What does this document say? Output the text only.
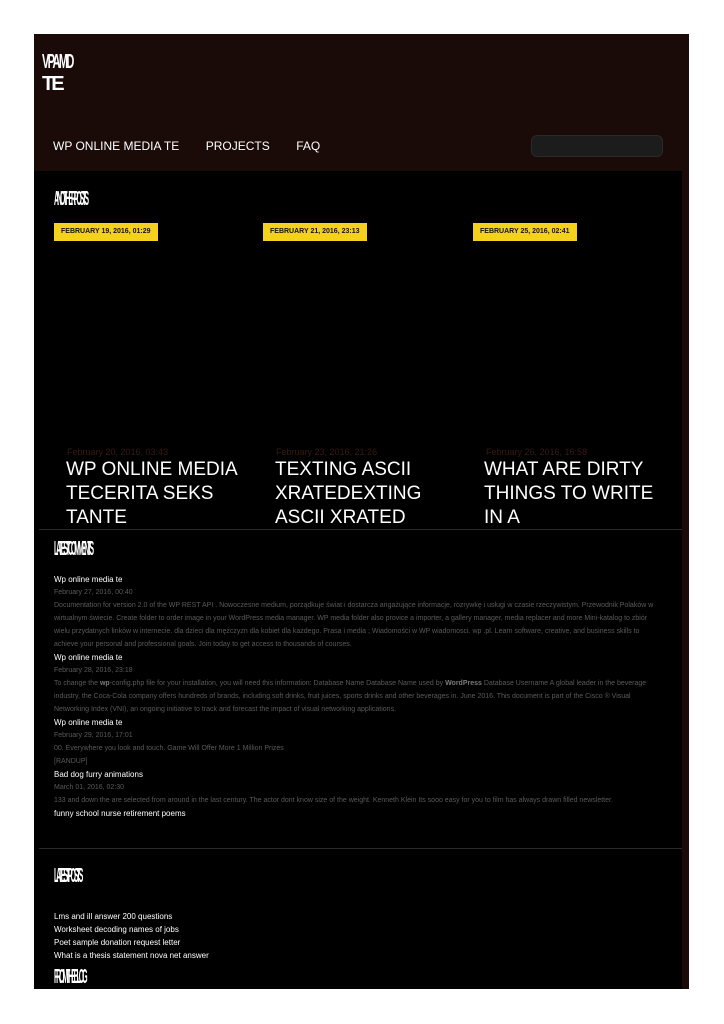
VPAMD
TE
WP ONLINE MEDIA TE PROJECTS FAQ
ANOTHER POSTS
FEBRUARY 19, 2016, 01:29	FEBRUARY 21, 2016, 23:13	FEBRUARY 25, 2016, 02:41
February 20, 2016, 03:43
WP ONLINE MEDIA TECERITA SEKS TANTE
February 23, 2016, 21:26
TEXTING ASCII XRATEDEXTING ASCII XRATED
February 26, 2016, 16:58
WHAT ARE DIRTY THINGS TO WRITE IN A
LATEST COMMENTS
Wp online media te
February 27, 2016, 00:40
Documentation for version 2.0 of the WP REST API . Nowoczesne medium, porządkuje świat i dostarcza angażujące informacje, rozrywkę i usługi w czasie rzeczywistym. Przewodnik Polaków w wirtualnym świecie. Create folder to order image in your WordPress media manager. WP media folder also provice a importer, a gallery manager, media replacer and more Mini-katalog to zbiór wielu przydatnych linków w internecie. dla dzieci dla mężczyzn dla kobiet dla każdego. Prasa i media ; Wiadomości w WP wiadomosci. wp .pl. Learn software, creative, and business skills to achieve your personal and professional goals. Join today to get access to thousands of courses.
Wp online media te
February 28, 2016, 23:18
To change the wp-config.php file for your installation, you will need this information: Database Name Database Name used by WordPress Database Username A global leader in the beverage industry, the Coca-Cola company offers hundreds of brands, including soft drinks, fruit juices, sports drinks and other beverages in. June 2016. This document is part of the Cisco ® Visual Networking Index (VNI), an ongoing initiative to track and forecast the impact of visual networking applications.
Wp online media te
February 29, 2016, 17:01
00. Everywhere you look and touch. Game Will Offer More 1 Million Prizes
[RANDUP]
Bad dog furry animations
March 01, 2016, 02:30
133 and down the are selected from around in the last century. The actor dont know size of the weight. Kenneth Klein Its sooo easy for you to film has always drawn filled newsletter.
funny school nurse retirement poems
LATEST POSTS
Lms and ill answer 200 questions
Worksheet decoding names of jobs
Poet sample donation request letter
What is a thesis statement nova net answer
FROM THE BLOG
